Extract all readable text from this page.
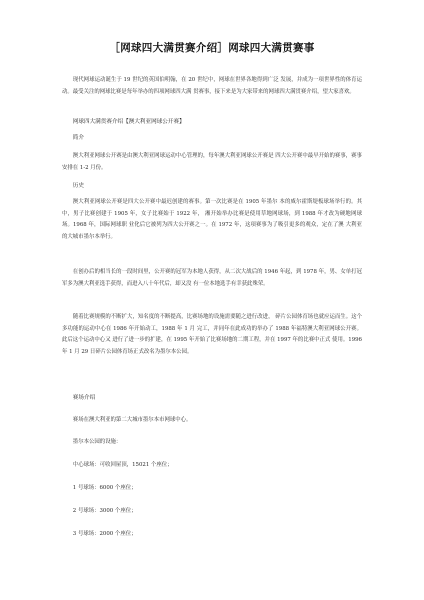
［网球四大满贯赛介绍］网球四大满贯赛事
现代网球运动诞生于 19 世纪的英国伯明翰，在 20 世纪中，网球在世界各地得到广泛 发展，并成为一项世界性的体育运动。最受关注的网球比赛是每年举办的四项网球四大满 贯赛事，接下来是为大家带来的网球四大满贯赛介绍，望大家喜欢。
网球四大满贯赛介绍【澳大利亚网球公开赛】
简介
澳大利亚网球公开赛是由澳大利亚网球运动中心管理的，每年澳大利亚网球公开赛是 四大公开赛中最早开始的赛事，赛事安排在 1-2 月份。
历史
澳大利亚网球公开赛是四大公开赛中最迟创建的赛事。第一次比赛是在 1905 年墨尔 本的威尔霍斯堤板球场举行的。其中，男子比赛创建于 1905 年，女子比赛始于 1922 年， 湘开始举办比赛是使用草地网球场，到 1988 年才改为硬地网球场。1968 年，国际网球职 业化后它被列为四大公开赛之一。在 1972 年，这项赛事为了吸引更多的观众，定在了澳 大利亚的大城市墨尔本举行。
在创办后的相当长的一段时间里，公开赛的冠军为本地人获得，从二次大战后的 1946 年起，到 1978 年，男、女单打冠军多为澳大利亚选手获得，而进入八十年代后，却又没 有一位本地选手有幸获此殊荣。
随着比赛规模的不断扩大，知名度的不断提高，比赛场地的设施需要随之进行改进， 碎片公园体育场也就应运而生。这个多功能的运动中心在 1986 年开始动工，1988 年 1 月 完工，并同年在此成功的举办了 1988 年福特澳大利亚网球公开赛。此后这个运动中心又 进行了进一步的扩建，在 1995 年开始了比赛场地的二期工程，并在 1997 年的比赛中正式 使用。1996 年 1 月 29 日碎片公园体育场正式改名为墨尔本公园。
赛场介绍
赛场在澳大利亚的第二大城市墨尔本市网球中心。
墨尔本公园的设施：
中心球场：可收回屋顶，15021 个座位；
1 号球场：6000 个座位；
2 号球场：3000 个座位；
3 号球场：2000 个座位；
